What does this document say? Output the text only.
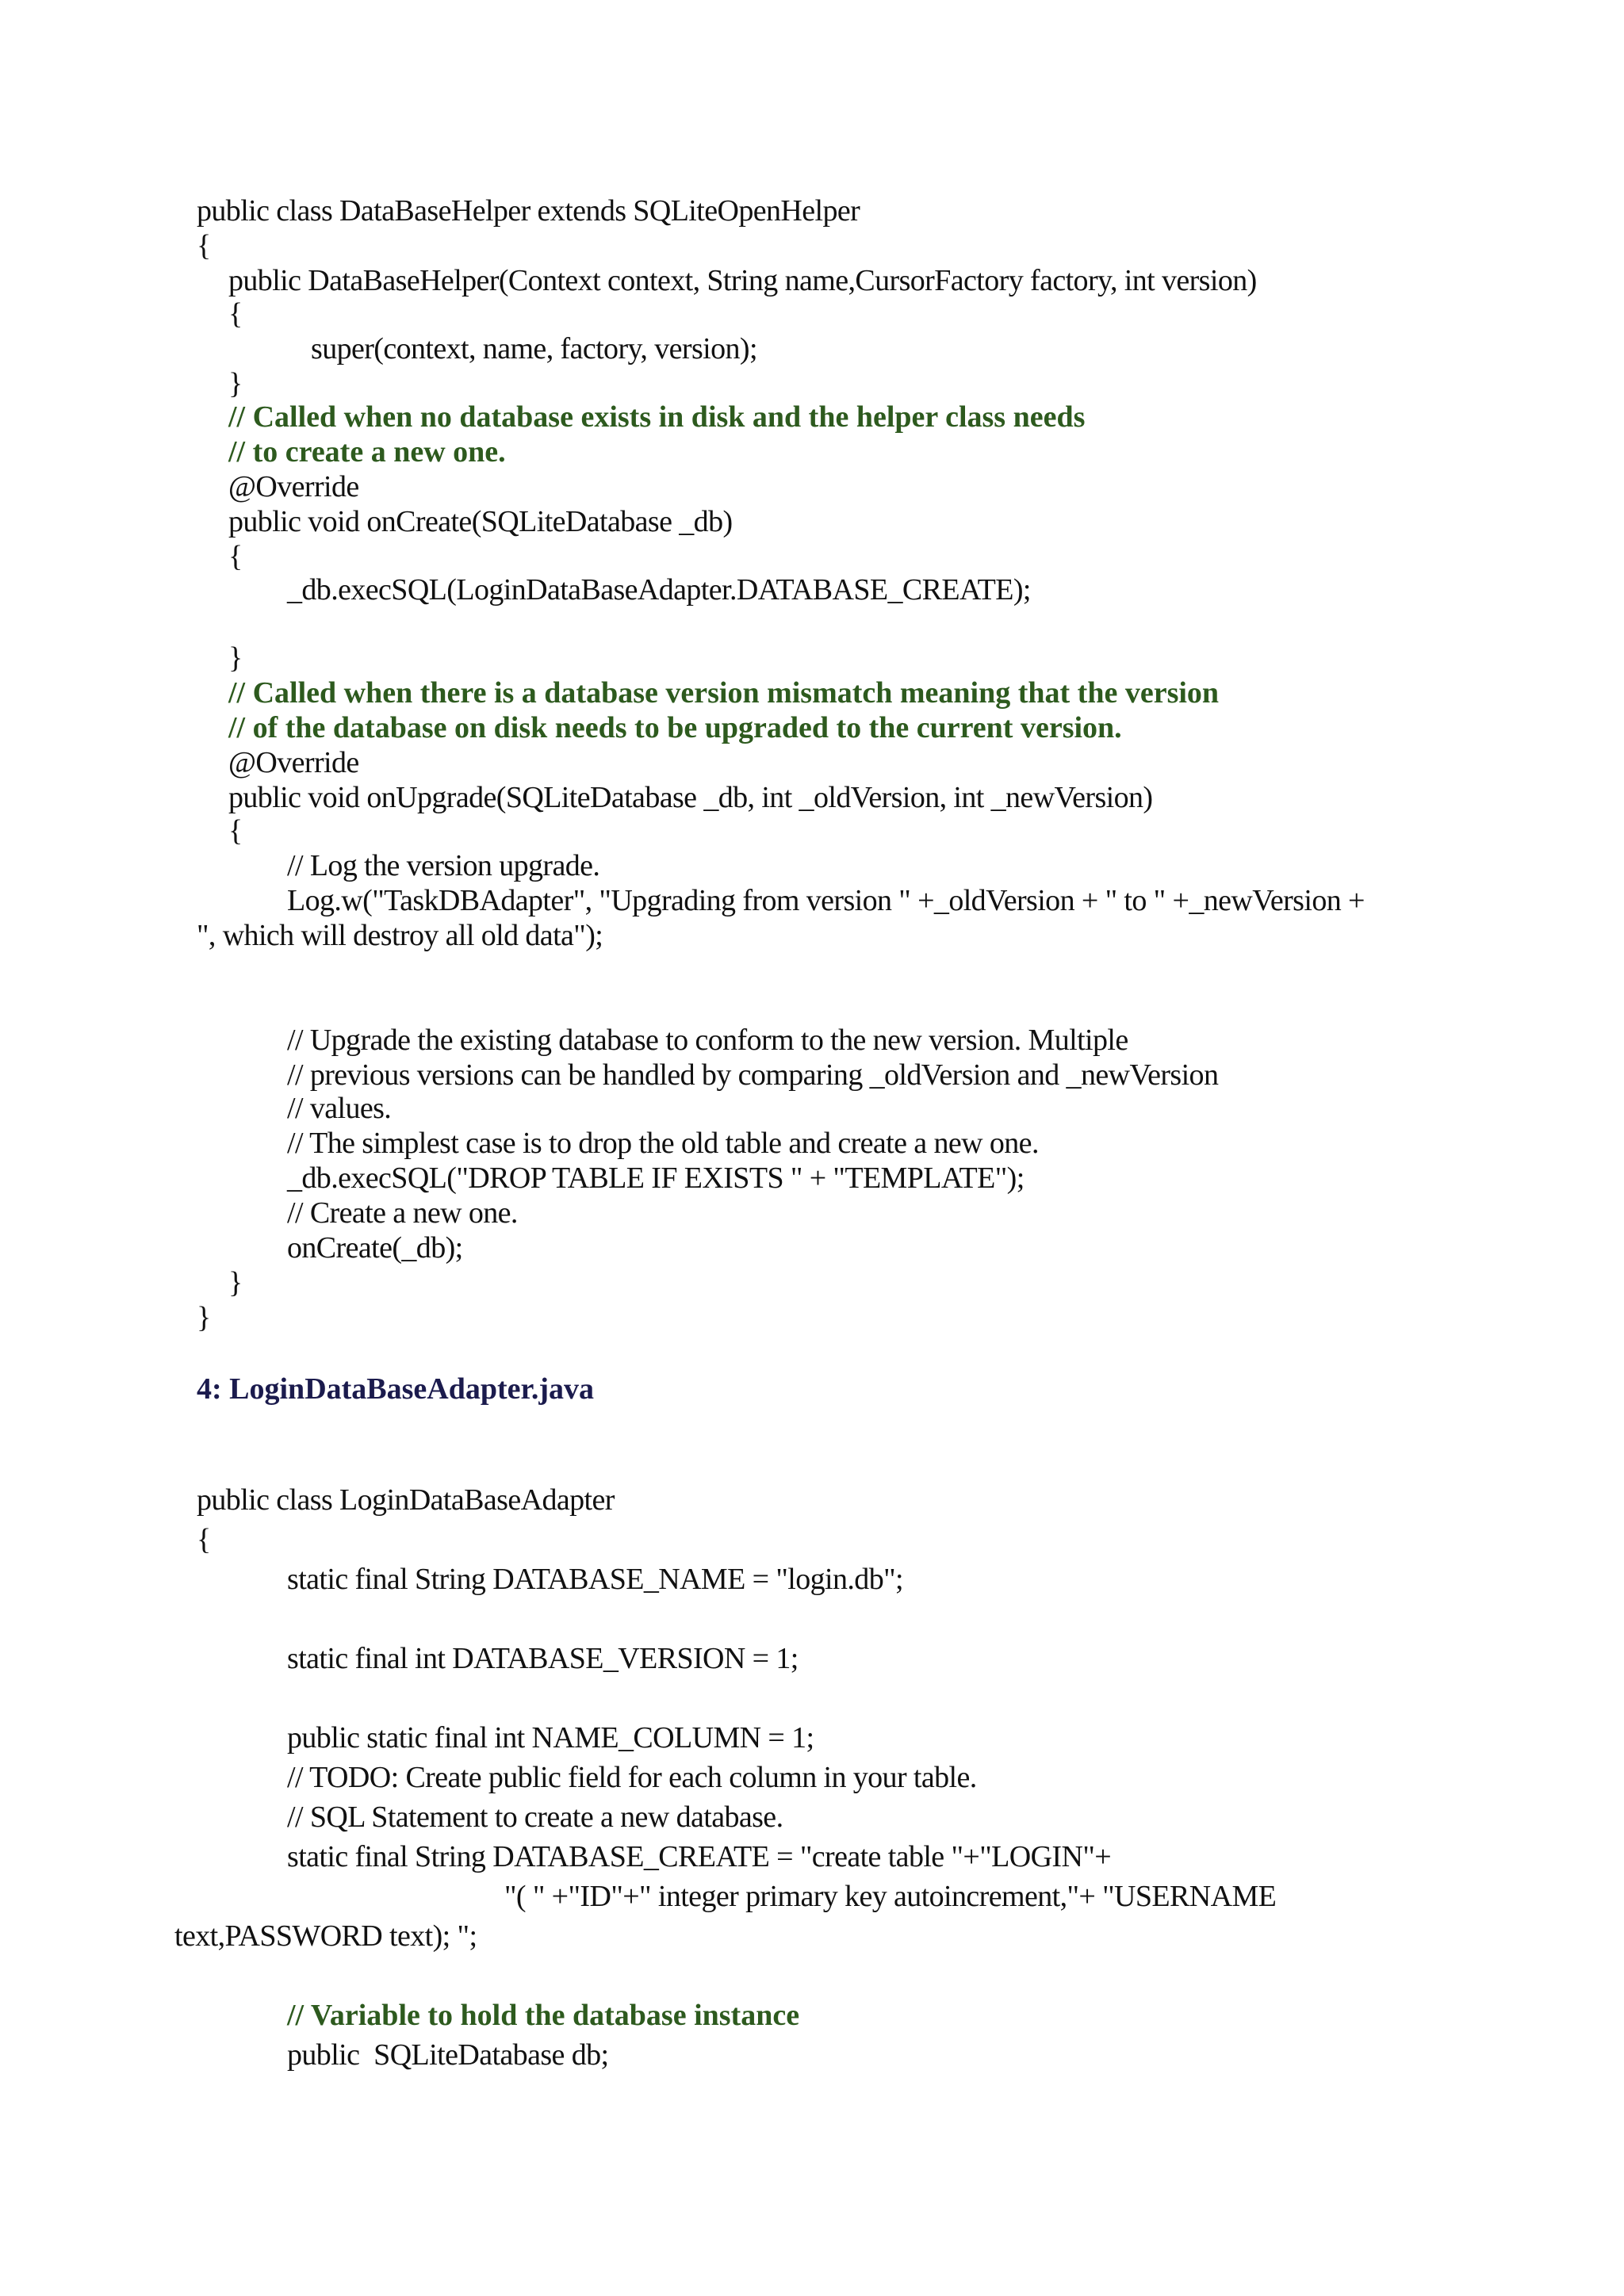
public class DataBaseHelper extends SQLiteOpenHelper
{
public DataBaseHelper(Context context, String name,CursorFactory factory, int version)
{
super(context, name, factory, version);
}
// Called when no database exists in disk and the helper class needs
// to create a new one.
@Override
public void onCreate(SQLiteDatabase _db)
{
_db.execSQL(LoginDataBaseAdapter.DATABASE_CREATE);
}
// Called when there is a database version mismatch meaning that the version
// of the database on disk needs to be upgraded to the current version.
@Override
public void onUpgrade(SQLiteDatabase _db, int _oldVersion, int _newVersion)
{
// Log the version upgrade.
Log.w("TaskDBAdapter", "Upgrading from version " +_oldVersion + " to " +_newVersion +
", which will destroy all old data");
// Upgrade the existing database to conform to the new version. Multiple
// previous versions can be handled by comparing _oldVersion and _newVersion
// values.
// The simplest case is to drop the old table and create a new one.
_db.execSQL("DROP TABLE IF EXISTS " + "TEMPLATE");
// Create a new one.
onCreate(_db);
}
}
4: LoginDataBaseAdapter.java
public class LoginDataBaseAdapter
{
static final String DATABASE_NAME = "login.db";
static final int DATABASE_VERSION = 1;
public static final int NAME_COLUMN = 1;
// TODO: Create public field for each column in your table.
// SQL Statement to create a new database.
static final String DATABASE_CREATE = "create table "+"LOGIN"+
"( " +"ID"+" integer primary key autoincrement,"+ "USERNAME
text,PASSWORD text); ";
// Variable to hold the database instance
public  SQLiteDatabase db;
